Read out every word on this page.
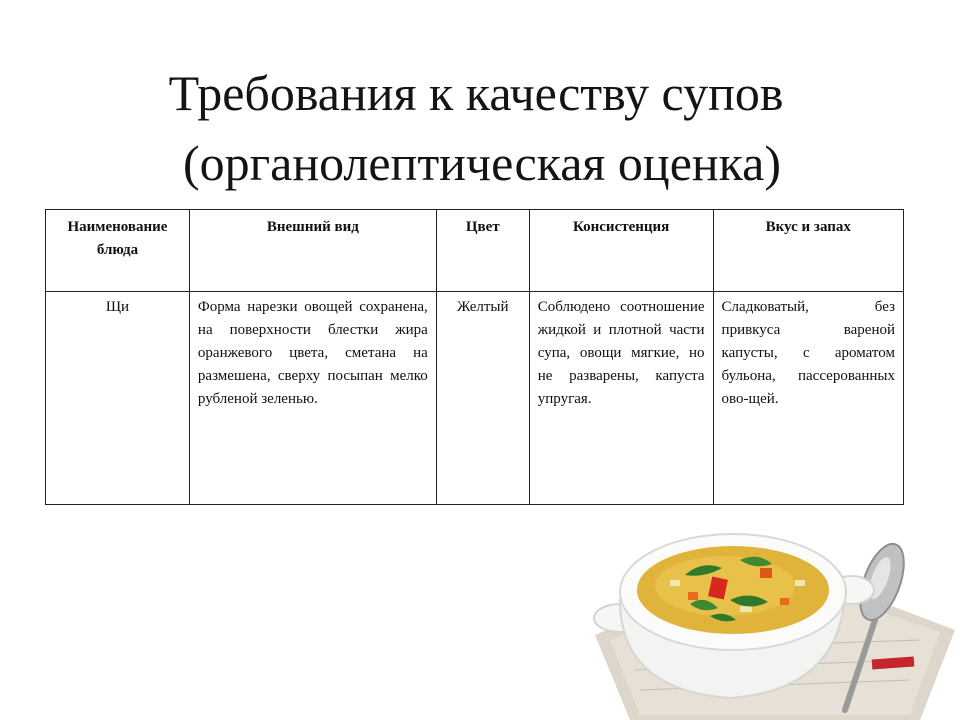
Требования к качеству супов
(органолептическая оценка)
Наименование блюда	Внешний вид	Цвет	Консистенция	Вкус и запах
Щи	Форма нарезки овощей сохранена, на поверхности блестки жира оранжевого цвета, сметана на размешена, сверху посыпан мелко рубленой зеленью.	Желтый	Соблюдено соотношение жидкой и плотной части супа, овощи мягкие, но не разварены, капуста упругая.	Сладковатый, без привкуса вареной капусты, с ароматом бульона, пассерованных ово-щей.
